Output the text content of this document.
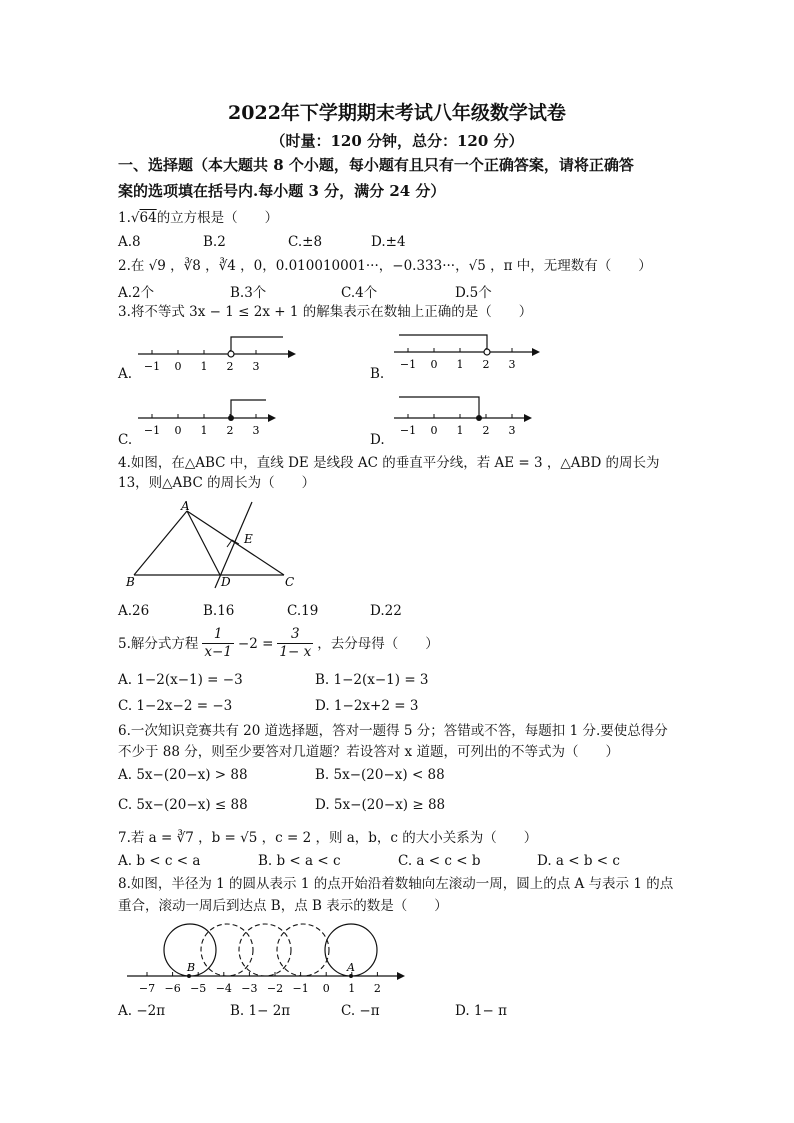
2022年下学期期末考试八年级数学试卷
（时量：120 分钟，总分：120 分）
一、选择题（本大题共 8 个小题，每小题有且只有一个正确答案，请将正确答
案的选项填在括号内.每小题 3 分，满分 24 分）
1.√64的立方根是（　　）
A.8	B.2	C.±8	D.±4
2.在 √9 ，∛8 ，∛4 ，0，0.010010001···，−0.333···，√5 ，π 中，无理数有（　　）
A.2个	B.3个	C.4个	D.5个
3.将不等式 3x − 1 ≤ 2x + 1 的解集表示在数轴上正确的是（　　）
A. −1 0 1 2 3	B.
−1 0 1 2 3
C.
−1 0 1 2 3
D.
−1 0 1 2 3
4.如图，在△ABC 中，直线 DE 是线段 AC 的垂直平分线，若 AE = 3 ，△ABD 的周长为
13，则△ABC 的周长为（　　）
A
B	C
D
E
A.26	B.16	C.19	D.22
5.解分式方程 $\frac{1}{x-1} -2 = \frac{3}{1- x}$ ，去分母得（　　）
A. 1−2(x−1) = −3	B. 1−2(x−1) = 3
C. 1−2x−2 = −3	D. 1−2x+2 = 3
6.一次知识竞赛共有 20 道选择题，答对一题得 5 分；答错或不答，每题扣 1 分.要使总得分
不少于 88 分，则至少要答对几道题？若设答对 x 道题，可列出的不等式为（　　）
A. 5x−(20−x) > 88	B. 5x−(20−x) < 88
C. 5x−(20−x) ≤ 88	D. 5x−(20−x) ≥ 88
7.若 a = ∛7 ，b = √5 ，c = 2 ，则 a，b，c 的大小关系为（　　）
A. b < c < a	B. b < a < c	C. a < c < b	D. a < b < c
8.如图，半径为 1 的圆从表示 1 的点开始沿着数轴向左滚动一周，圆上的点 A 与表示 1 的点
重合，滚动一周后到达点 B，点 B 表示的数是（　　）
−7 −6 −5 −4 −3 −2 −1 0 1 2
A
B
A. −2π	B. 1− 2π	C. −π	D. 1− π
